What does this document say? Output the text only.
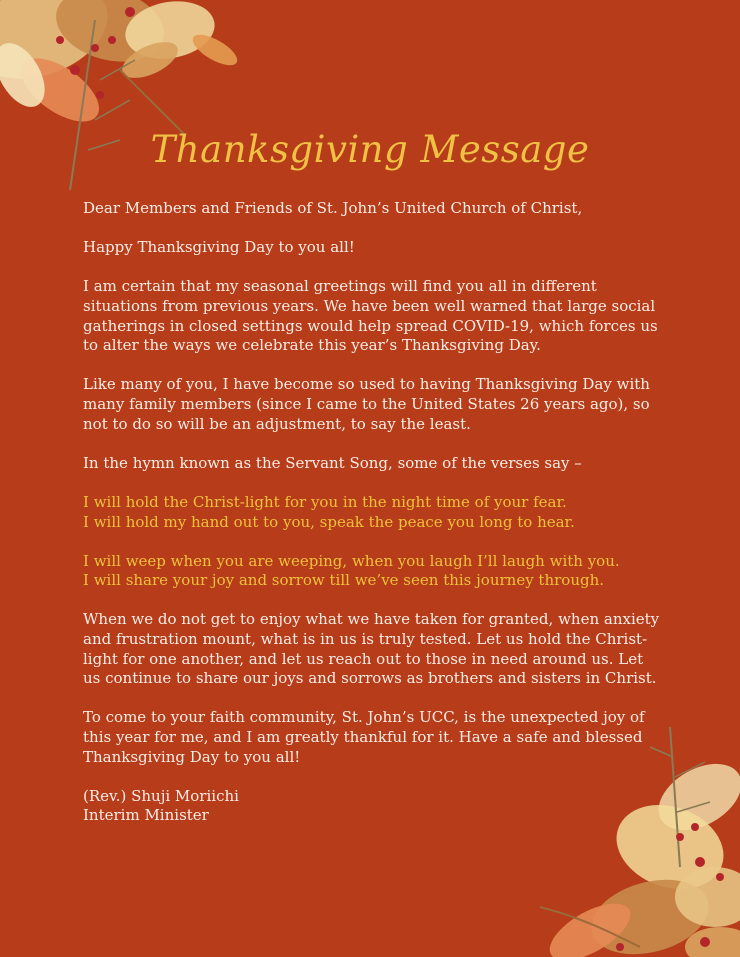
Thanksgiving Message

Dear Members and Friends of St. John’s United Church of Christ,

Happy Thanksgiving Day to you all!

I am certain that my seasonal greetings will find you all in different situations from previous years. We have been well warned that large social gatherings in closed settings would help spread COVID-19, which forces us to alter the ways we celebrate this year’s Thanksgiving Day.

Like many of you, I have become so used to having Thanksgiving Day with many family members (since I came to the United States 26 years ago), so not to do so will be an adjustment, to say the least.

In the hymn known as the Servant Song, some of the verses say –

I will hold the Christ-light for you in the night time of your fear.
I will hold my hand out to you, speak the peace you long to hear.

I will weep when you are weeping, when you laugh I’ll laugh with you.
I will share your joy and sorrow till we’ve seen this journey through.

When we do not get to enjoy what we have taken for granted, when anxiety and frustration mount, what is in us is truly tested. Let us hold the Christ-light for one another, and let us reach out to those in need around us. Let us continue to share our joys and sorrows as brothers and sisters in Christ.

To come to your faith community, St. John’s UCC, is the unexpected joy of this year for me, and I am greatly thankful for it. Have a safe and blessed Thanksgiving Day to you all!

(Rev.) Shuji Moriichi

Interim Minister
